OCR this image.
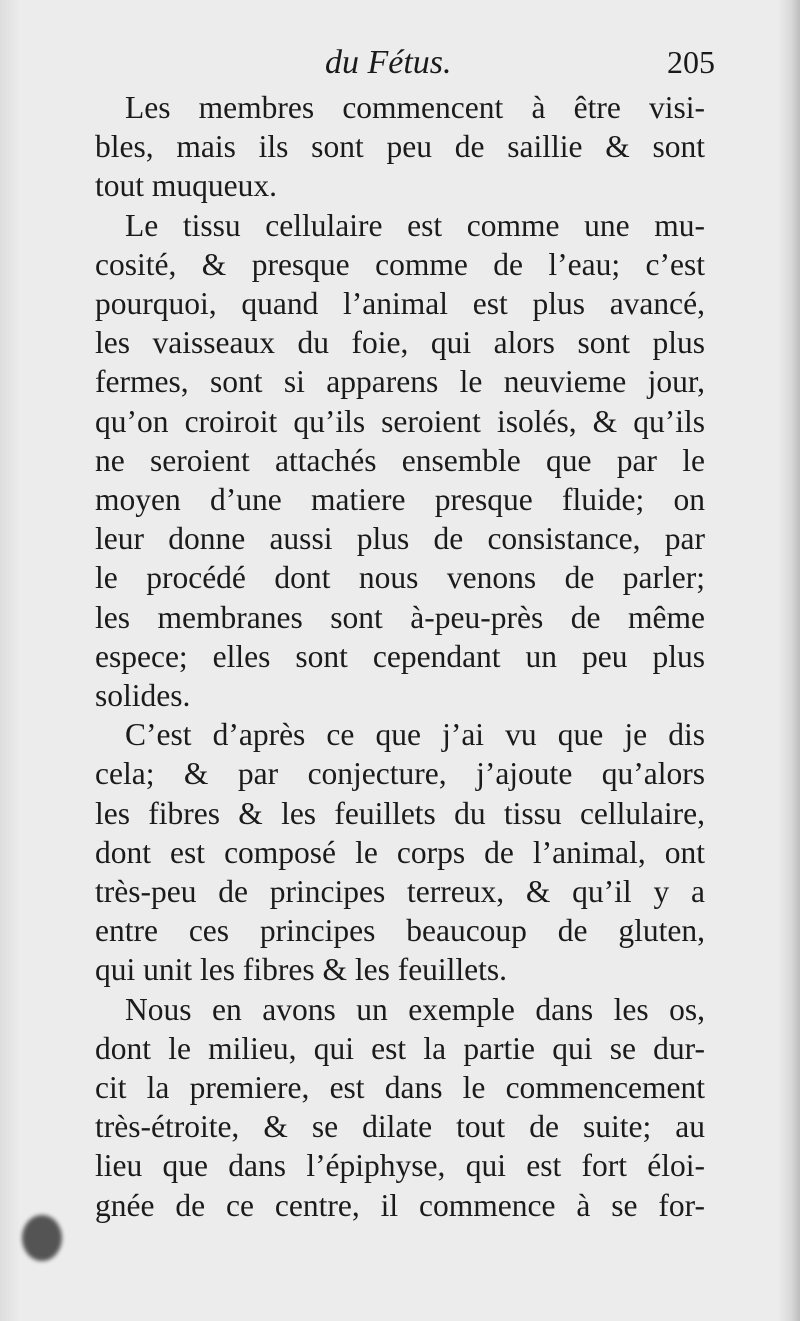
du Fétus.	205
Les membres commencent à être visi-
bles, mais ils sont peu de saillie & sont
tout muqueux.
Le tissu cellulaire est comme une mu-
cosité, & presque comme de l’eau; c’est
pourquoi, quand l’animal est plus avancé,
les vaisseaux du foie, qui alors sont plus
fermes, sont si apparens le neuvieme jour,
qu’on croiroit qu’ils seroient isolés, & qu’ils
ne seroient attachés ensemble que par le
moyen d’une matiere presque fluide; on
leur donne aussi plus de consistance, par
le procédé dont nous venons de parler;
les membranes sont à-peu-près de même
espece; elles sont cependant un peu plus
solides.
C’est d’après ce que j’ai vu que je dis
cela; & par conjecture, j’ajoute qu’alors
les fibres & les feuillets du tissu cellulaire,
dont est composé le corps de l’animal, ont
très-peu de principes terreux, & qu’il y a
entre ces principes beaucoup de gluten,
qui unit les fibres & les feuillets.
Nous en avons un exemple dans les os,
dont le milieu, qui est la partie qui se dur-
cit la premiere, est dans le commencement
très-étroite, & se dilate tout de suite; au
lieu que dans l’épiphyse, qui est fort éloi-
gnée de ce centre, il commence à se for-
